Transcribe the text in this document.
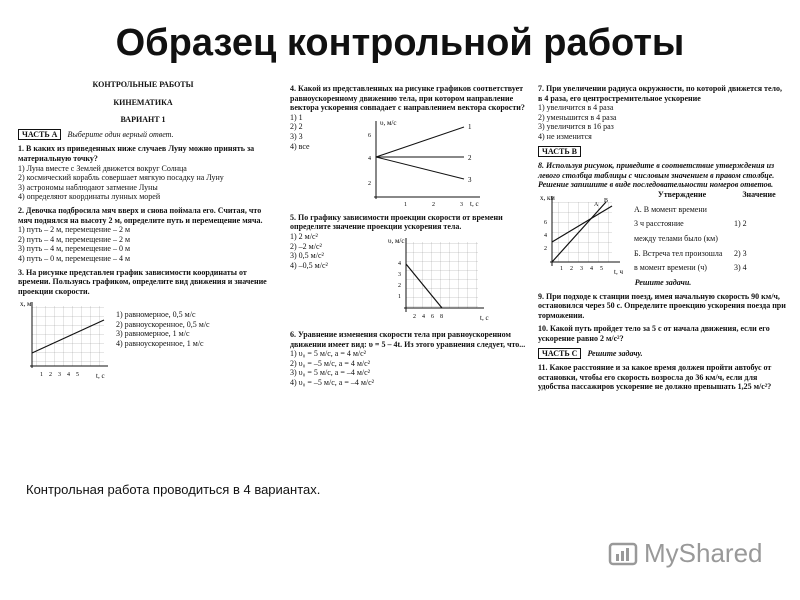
Образец контрольной работы

КОНТРОЛЬНЫЕ РАБОТЫ

КИНЕМАТИКА

ВАРИАНТ 1

ЧАСТЬ А	Выберите один верный ответ.

1. В каких из приведенных ниже случаев Луну можно принять за материальную точку?

1) Луна вместе с Землей движется вокруг Солнца

2) космический корабль совершает мягкую посадку на Луну

3) астрономы наблюдают затмение Луны

4) определяют координаты лунных морей

2. Девочка подбросила мяч вверх и снова поймала его. Считая, что мяч поднялся на высоту 2 м, определите путь и перемещение мяча.

1) путь – 2 м, перемещение – 2 м

2) путь – 4 м, перемещение – 2 м

3) путь – 4 м, перемещение – 0 м

4) путь – 0 м, перемещение – 4 м

3. На рисунке представлен график зависимости координаты от времени. Пользуясь графиком, определите вид движения и значение проекции скорости.

x, м
t, с
1 2 3 4 5

1) равномерное, 0,5 м/с

2) равноускоренное, 0,5 м/с

3) равномерное, 1 м/с

4) равноускоренное, 1 м/с

4. Какой из представленных на рисунке графиков соответствует равноускоренному движению тела, при котором направление вектора ускорения совпадает с направлением вектора скорости?

1) 1

2) 2

3) 3

4) все

1
2
3
υ, м/с
t, с
2
4
6
1	2	3

5. По графику зависимости проекции скорости от времени определите значение проекции ускорения тела.

1) 2 м/с²

2) –2 м/с²

3) 0,5 м/с²

4) –0,5 м/с²

υ, м/с
t, с
4
3
2
1
2 4 6 8

6. Уравнение изменения скорости тела при равноускоренном движении имеет вид: υ = 5 – 4t. Из этого уравнения следует, что...

1) υ₀ = 5 м/с, a = 4 м/с²

2) υ₀ = –5 м/с, a = 4 м/с²

3) υ₀ = 5 м/с, a = –4 м/с²

4) υ₀ = –5 м/с, a = –4 м/с²

7. При увеличении радиуса окружности, по которой движется тело, в 4 раза, его центростремительное ускорение

1) увеличится в 4 раза

2) уменьшится в 4 раза

3) увеличится в 16 раз

4) не изменится

ЧАСТЬ В

8. Используя рисунок, приведите в соответствие утверждения из левого столбца таблицы с числовым значением в правом столбце. Решение запишите в виде последовательности номеров ответов.

А
В
x, км
t, ч
6
4
2
1 2 3 4 5
Утверждение	Значение
А. В момент времени
3 ч расстояние	1) 2
между телами было (км)
Б. Встреча тел произошла	2) 3
в момент времени (ч)	3) 4

Решите задачи.

9. При подходе к станции поезд, имея начальную скорость 90 км/ч, остановился через 50 с. Определите проекцию ускорения поезда при торможении.

10. Какой путь пройдет тело за 5 с от начала движения, если его ускорение равно 2 м/с²?

ЧАСТЬ С	Решите задачу.

11. Какое расстояние и за какое время должен пройти автобус от остановки, чтобы его скорость возросла до 36 км/ч, если для удобства пассажиров ускорение не должно превышать 1,25 м/с²?

Контрольная работа проводиться в 4 вариантах.
MyShared
